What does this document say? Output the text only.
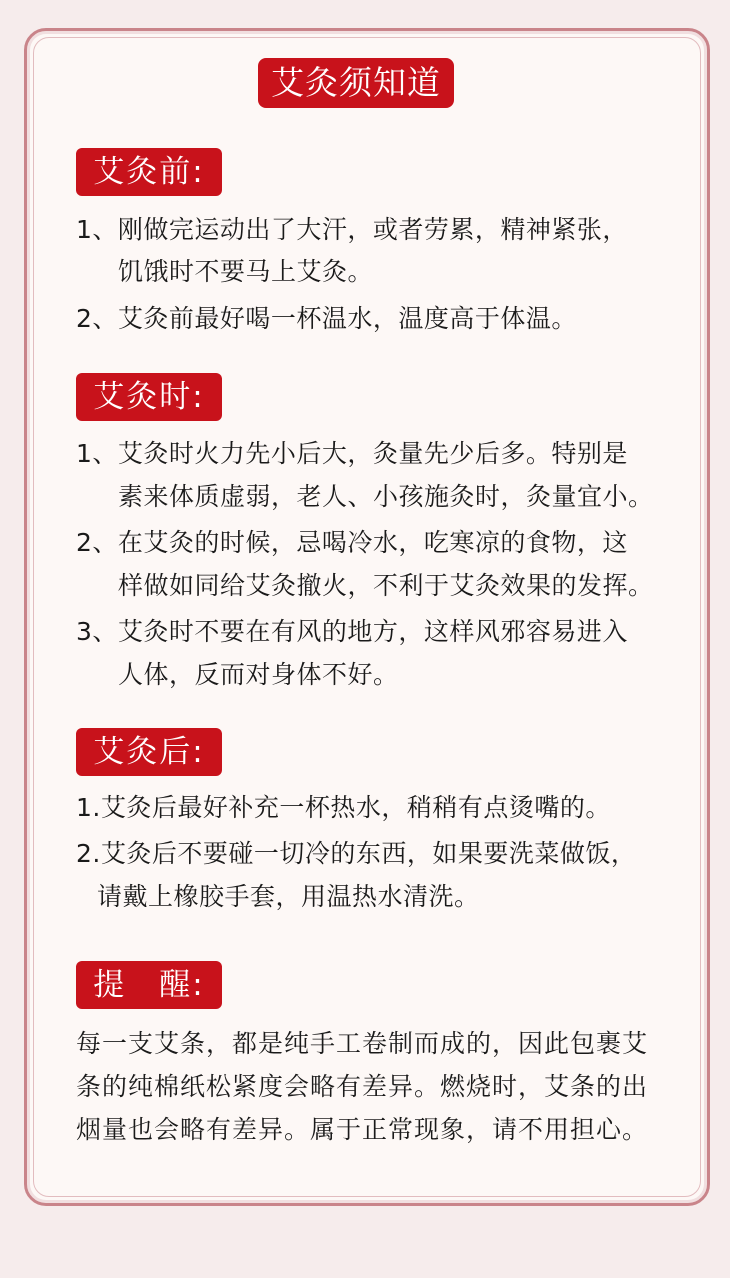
艾灸须知道
艾灸前:
1、刚做完运动出了大汗，或者劳累，精神紧张，
饥饿时不要马上艾灸。
2、艾灸前最好喝一杯温水，温度高于体温。
艾灸时:
1、艾灸时火力先小后大，灸量先少后多。特别是
素来体质虚弱，老人、小孩施灸时，灸量宜小。
2、在艾灸的时候，忌喝冷水，吃寒凉的食物，这
样做如同给艾灸撤火，不利于艾灸效果的发挥。
3、艾灸时不要在有风的地方，这样风邪容易进入
人体，反而对身体不好。
艾灸后:
1.艾灸后最好补充一杯热水，稍稍有点烫嘴的。
2.艾灸后不要碰一切冷的东西，如果要洗菜做饭，
请戴上橡胶手套，用温热水清洗。
提　醒:
每一支艾条，都是纯手工卷制而成的，因此包裹艾
条的纯棉纸松紧度会略有差异。燃烧时，艾条的出
烟量也会略有差异。属于正常现象，请不用担心。
